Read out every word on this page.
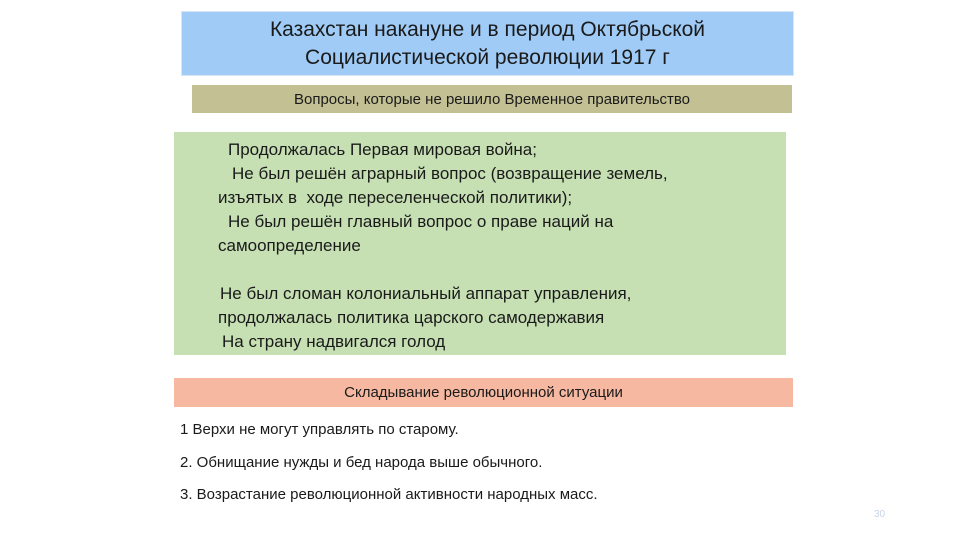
Казахстан накануне и в период Октябрьской
Социалистической революции 1917 г
Вопросы, которые не решило Временное правительство
Продолжалась Первая мировая война;
Не был решён аграрный вопрос (возвращение земель,
изъятых в  ходе переселенческой политики);
Не был решён главный вопрос о праве наций на
самоопределение
Не был сломан колониальный аппарат управления,
продолжалась политика царского самодержавия
На страну надвигался голод
Складывание революционной ситуации
1 Верхи не могут управлять по старому.
2. Обнищание нужды и бед народа выше обычного.
3. Возрастание революционной активности народных масс.
30
